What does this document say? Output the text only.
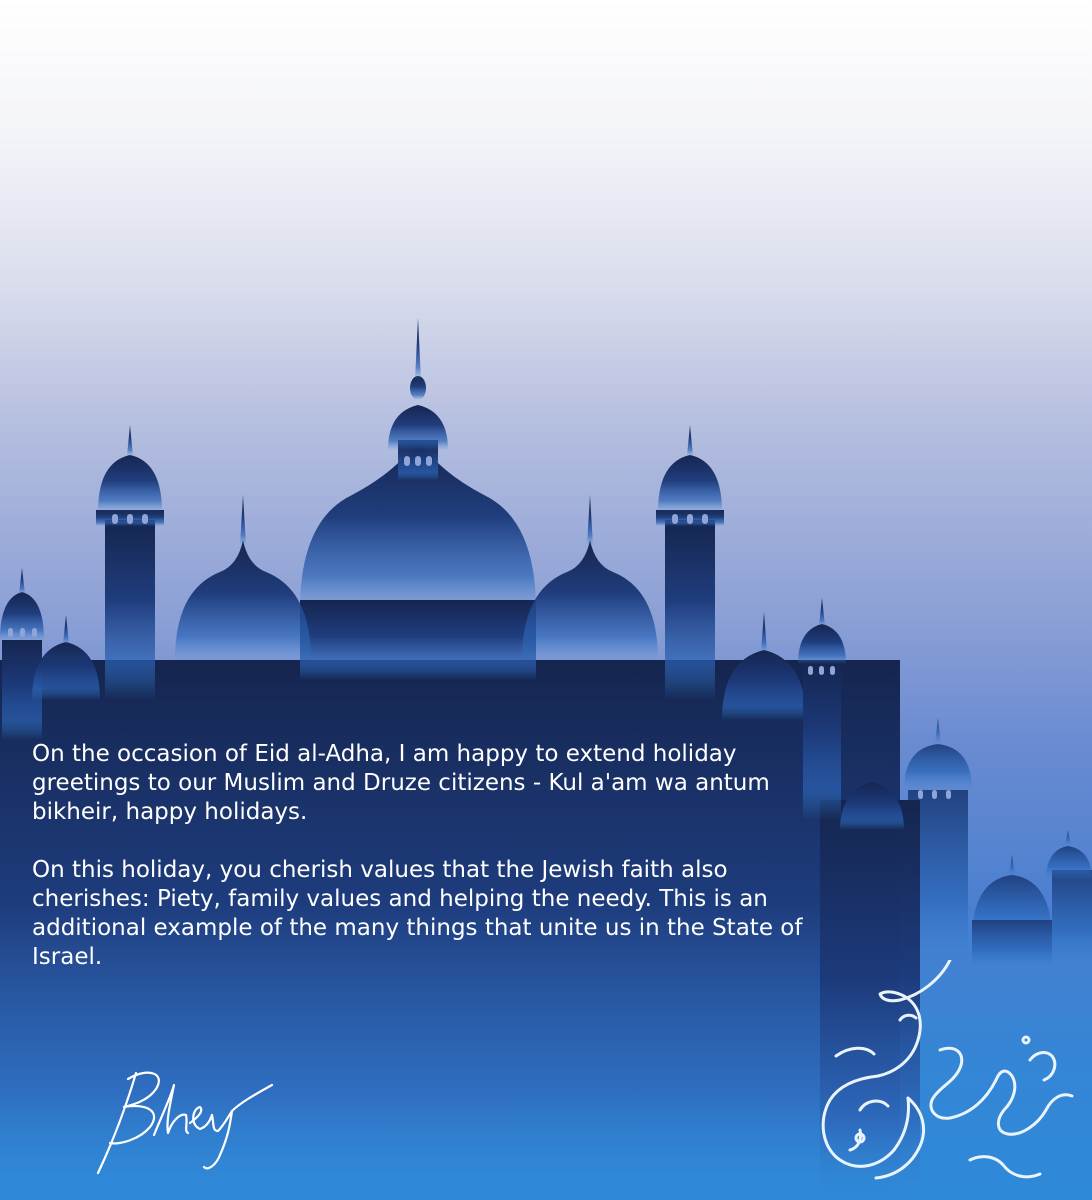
On the occasion of Eid al-Adha, I am happy to extend holiday greetings to our Muslim and Druze citizens - Kul a'am wa antum bikheir, happy holidays.

On this holiday, you cherish values that the Jewish faith also cherishes: Piety, family values and helping the needy. This is an additional example of the many things that unite us in the State of Israel.
